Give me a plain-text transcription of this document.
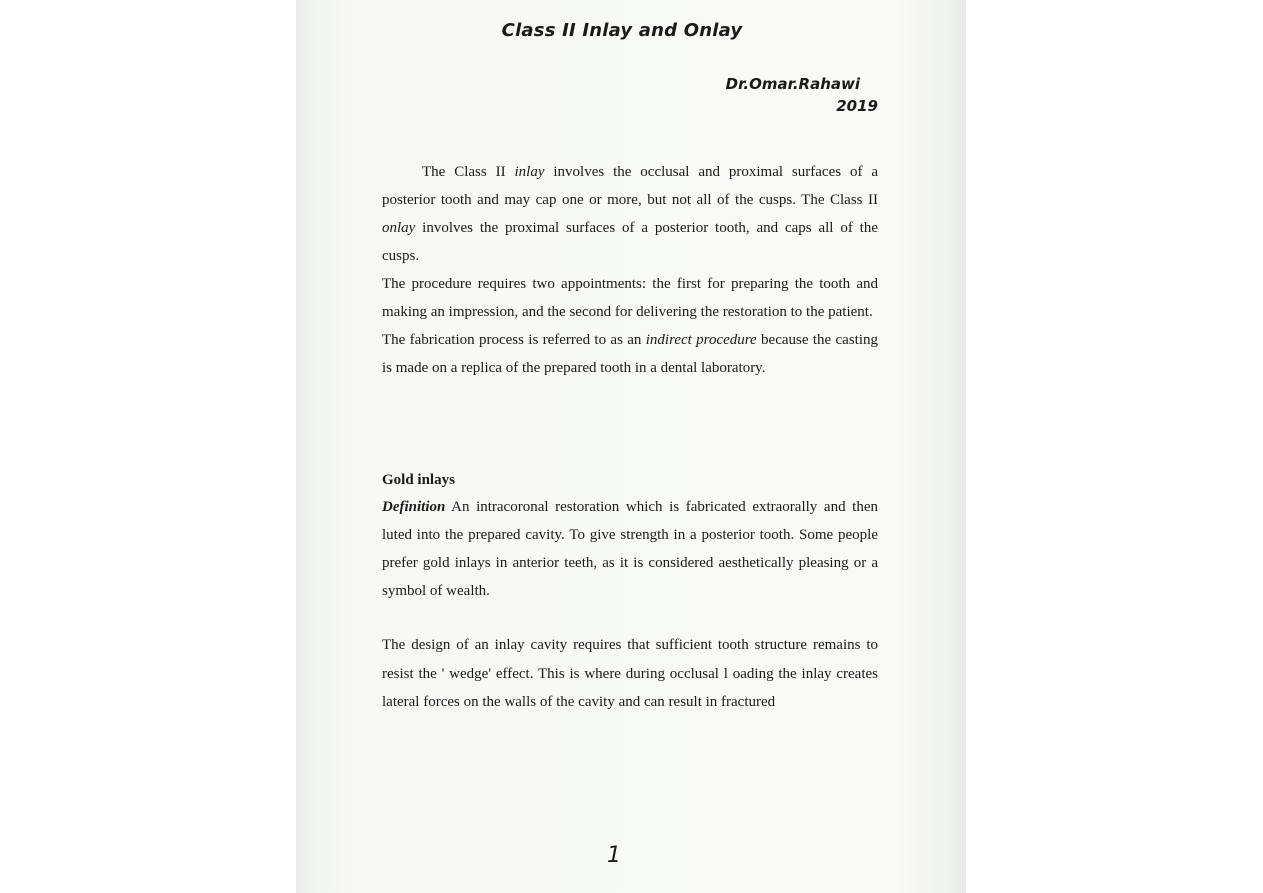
Class II Inlay and Onlay
Dr.Omar.Rahawi
2019

The Class II inlay involves the occlusal and proximal surfaces of a posterior tooth and may cap one or more, but not all of the cusps. The Class II onlay involves the proximal surfaces of a posterior tooth, and caps all of the cusps.

The procedure requires two appointments: the first for preparing the tooth and making an impression, and the second for delivering the restoration to the patient.

The fabrication process is referred to as an indirect procedure because the casting is made on a replica of the prepared tooth in a dental laboratory.

Gold inlays

Definition An intracoronal restoration which is fabricated extraorally and then luted into the prepared cavity. To give strength in a posterior tooth. Some people prefer gold inlays in anterior teeth, as it is considered aesthetically pleasing or a symbol of wealth.

The design of an inlay cavity requires that sufficient tooth structure remains to resist the ' wedge' effect. This is where during occlusal l oading the inlay creates lateral forces on the walls of the cavity and can result in fractured

1
